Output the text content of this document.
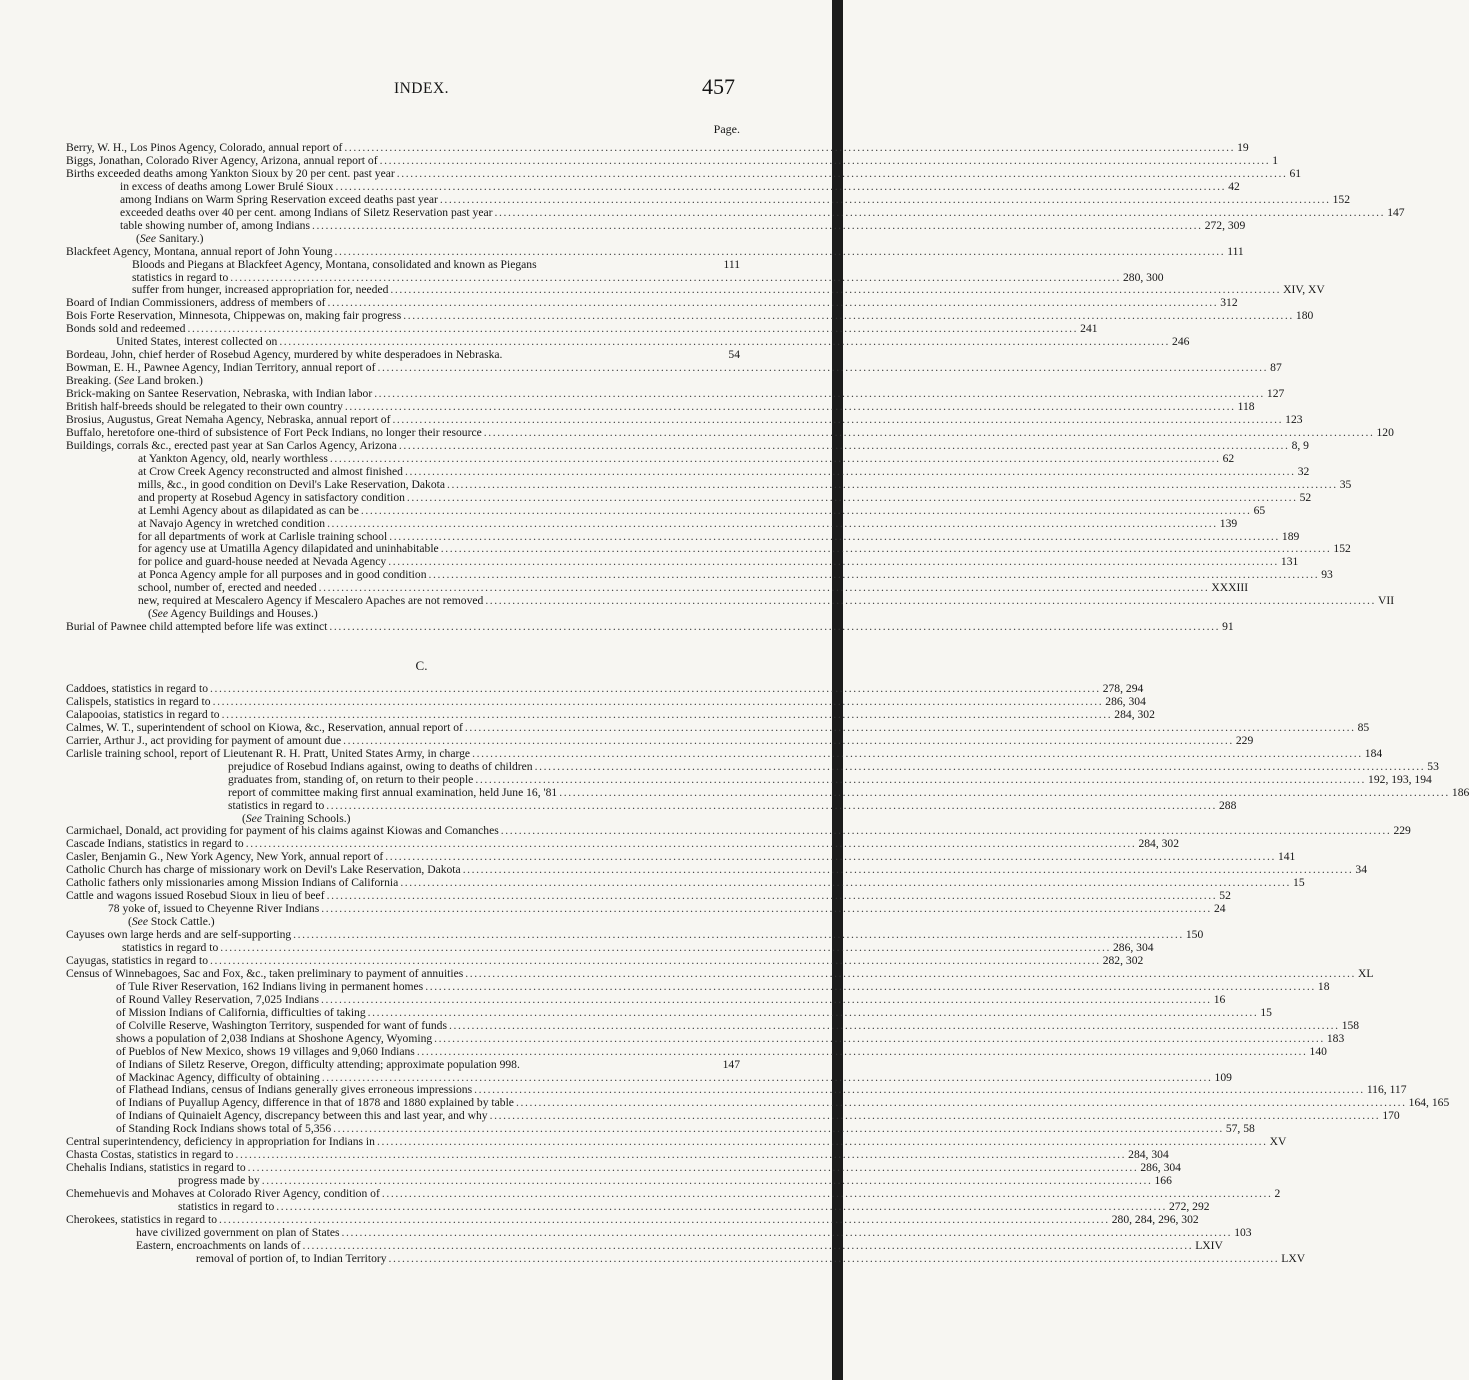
INDEX.	457
Page.
Berry, W. H., Los Pinos Agency, Colorado, annual report of .....	19
Biggs, Jonathan, Colorado River Agency, Arizona, annual report of .....	1
Births exceeded deaths among Yankton Sioux by 20 per cent. past year .....	61
in excess of deaths among Lower Brulé Sioux .....	42
among Indians on Warm Spring Reservation exceed deaths past year .....	152
exceeded deaths over 40 per cent. among Indians of Siletz Reservation past year .....	147
table showing number of, among Indians .....	272, 309
(See Sanitary.)
Blackfeet Agency, Montana, annual report of John Young .....	111
Bloods and Piegans at Blackfeet Agency, Montana, consolidated and known as Piegans	111
statistics in regard to .....	280, 300
suffer from hunger, increased appropriation for, needed .....	XIV, XV
Board of Indian Commissioners, address of members of .....	312
Bois Forte Reservation, Minnesota, Chippewas on, making fair progress .....	180
Bonds sold and redeemed .....	241
United States, interest collected on .....	246
Bordeau, John, chief herder of Rosebud Agency, murdered by white desperadoes in Nebraska.	54
Bowman, E. H., Pawnee Agency, Indian Territory, annual report of .....	87
Breaking. (See Land broken.)
Brick-making on Santee Reservation, Nebraska, with Indian labor .....	127
British half-breeds should be relegated to their own country .....	118
Brosius, Augustus, Great Nemaha Agency, Nebraska, annual report of .....	123
Buffalo, heretofore one-third of subsistence of Fort Peck Indians, no longer their resource .....	120
Buildings, corrals &c., erected past year at San Carlos Agency, Arizona .....	8, 9
at Yankton Agency, old, nearly worthless .....	62
at Crow Creek Agency reconstructed and almost finished .....	32
mills, &c., in good condition on Devil's Lake Reservation, Dakota .....	35
and property at Rosebud Agency in satisfactory condition .....	52
at Lemhi Agency about as dilapidated as can be .....	65
at Navajo Agency in wretched condition .....	139
for all departments of work at Carlisle training school .....	189
for agency use at Umatilla Agency dilapidated and uninhabitable .....	152
for police and guard-house needed at Nevada Agency .....	131
at Ponca Agency ample for all purposes and in good condition .....	93
school, number of, erected and needed .....	XXXIII
new, required at Mescalero Agency if Mescalero Apaches are not removed .....	VII
(See Agency Buildings and Houses.)
Burial of Pawnee child attempted before life was extinct .....	91
C.
Caddoes, statistics in regard to .....	278, 294
Calispels, statistics in regard to .....	286, 304
Calapooias, statistics in regard to .....	284, 302
Calmes, W. T., superintendent of school on Kiowa, &c., Reservation, annual report of .....	85
Carrier, Arthur J., act providing for payment of amount due .....	229
Carlisle training school, report of Lieutenant R. H. Pratt, United States Army, in charge .....	184
prejudice of Rosebud Indians against, owing to deaths of children .....	53
graduates from, standing of, on return to their people .....	192, 193, 194
report of committee making first annual examination, held June 16, '81 .....	186
statistics in regard to .....	288
(See Training Schools.)
Carmichael, Donald, act providing for payment of his claims against Kiowas and Comanches .....	229
Cascade Indians, statistics in regard to .....	284, 302
Casler, Benjamin G., New York Agency, New York, annual report of .....	141
Catholic Church has charge of missionary work on Devil's Lake Reservation, Dakota .....	34
Catholic fathers only missionaries among Mission Indians of California .....	15
Cattle and wagons issued Rosebud Sioux in lieu of beef .....	52
78 yoke of, issued to Cheyenne River Indians .....	24
(See Stock Cattle.)
Cayuses own large herds and are self-supporting .....	150
statistics in regard to .....	286, 304
Cayugas, statistics in regard to .....	282, 302
Census of Winnebagoes, Sac and Fox, &c., taken preliminary to payment of annuities .....	XL
of Tule River Reservation, 162 Indians living in permanent homes .....	18
of Round Valley Reservation, 7,025 Indians .....	16
of Mission Indians of California, difficulties of taking .....	15
of Colville Reserve, Washington Territory, suspended for want of funds .....	158
shows a population of 2,038 Indians at Shoshone Agency, Wyoming .....	183
of Pueblos of New Mexico, shows 19 villages and 9,060 Indians .....	140
of Indians of Siletz Reserve, Oregon, difficulty attending; approximate population 998.	147
of Mackinac Agency, difficulty of obtaining .....	109
of Flathead Indians, census of Indians generally gives erroneous impressions .....	116, 117
of Indians of Puyallup Agency, difference in that of 1878 and 1880 explained by table .....	164, 165
of Indians of Quinaielt Agency, discrepancy between this and last year, and why .....	170
of Standing Rock Indians shows total of 5,356 .....	57, 58
Central superintendency, deficiency in appropriation for Indians in .....	XV
Chasta Costas, statistics in regard to .....	284, 304
Chehalis Indians, statistics in regard to .....	286, 304
progress made by .....	166
Chemehuevis and Mohaves at Colorado River Agency, condition of .....	2
statistics in regard to .....	272, 292
Cherokees, statistics in regard to .....	280, 284, 296, 302
have civilized government on plan of States .....	103
Eastern, encroachments on lands of .....	LXIV
removal of portion of, to Indian Territory .....	LXV
